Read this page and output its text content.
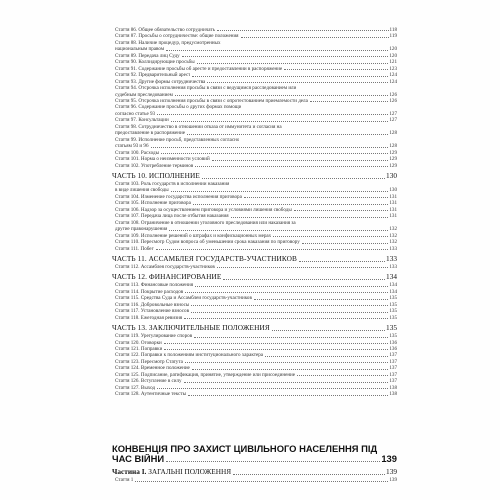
Стаття 86. Общее обязательство сотрудничать	118
Стаття 87. Просьбы о сотрудничестве: общие положения	119
Стаття 88. Наличие процедур, предусмотренных
национальным правом	120
Стаття 89. Передача лиц Суду	120
Стаття 90. Коллидирующие просьбы	121
Стаття 91. Содержание просьбы об аресте и предоставлении в распоряжение	123
Стаття 92. Предварительный арест	124
Стаття 93. Другие формы сотрудничества	124
Стаття 94. Отсрочка исполнения просьбы в связи с ведущимся расследованием или
судебным преследованием	126
Стаття 95. Отсрочка исполнения просьбы в связи с опротестованием приемлемости дела	126
Стаття 96. Содержание просьбы о других формах помощи
согласно статье 93	127
Стаття 97. Консультации	127
Стаття 98. Сотрудничество в отношении отказа от иммунитета и согласия на
предоставление в распоряжение	128
Стаття 99. Исполнение просьб, представленных согласно
статьям 93 и 96	128
Стаття 100. Расходы	129
Стаття 101. Норма о неизменности условий	129
Стаття 102. Употребление терминов	129
ЧАСТЬ 10. ИСПОЛНЕНИЕ	130
Стаття 103. Роль государств в исполнении наказания
в виде лишения свободы	130
Стаття 104. Изменение государства исполнения приговора	131
Стаття 105. Исполнение приговора	131
Стаття 106. Надзор за осуществлением приговора и условиями лишения свободы	131
Стаття 107. Передача лица после отбытия наказания	131
Стаття 108. Ограничение в отношении уголовного преследования или наказания за
другие правонарушения	132
Стаття 109. Исполнение решений о штрафах и конфискационных мерах	132
Стаття 110. Пересмотр Судом вопроса об уменьшении срока наказания по приговору	132
Стаття 111. Побег	133
ЧАСТЬ 11. АССАМБЛЕЯ ГОСУДАРСТВ-УЧАСТНИКОВ	133
Стаття 112. Ассамблея государств-участников	133
ЧАСТЬ 12. ФИНАНСИРОВАНИЕ	134
Стаття 113. Финансовые положения	134
Стаття 114. Покрытие расходов	134
Стаття 115. Средства Суда и Ассамблеи государств-участников	135
Стаття 116. Добровольные взносы	135
Стаття 117. Установление взносов	135
Стаття 118. Ежегодная ревизия	135
ЧАСТЬ 13. ЗАКЛЮЧИТЕЛЬНЫЕ ПОЛОЖЕНИЯ	135
Стаття 119. Урегулирование споров	135
Стаття 120. Оговорки	136
Стаття 121. Поправки	136
Стаття 122. Поправки к положениям институционального характера	137
Стаття 123. Пересмотр Статута	137
Стаття 124. Временное положение	137
Стаття 125. Подписание, ратификация, принятие, утверждение или присоединение	137
Стаття 126. Вступление в силу	137
Стаття 127. Выход	138
Стаття 128. Аутентичные тексты	138
КОНВЕНЦІЯ ПРО ЗАХИСТ ЦИВІЛЬНОГО НАСЕЛЕННЯ ПІД
ЧАС ВІЙНИ	139
Частина І. ЗАГАЛЬНІ ПОЛОЖЕННЯ	139
Стаття 1	139
